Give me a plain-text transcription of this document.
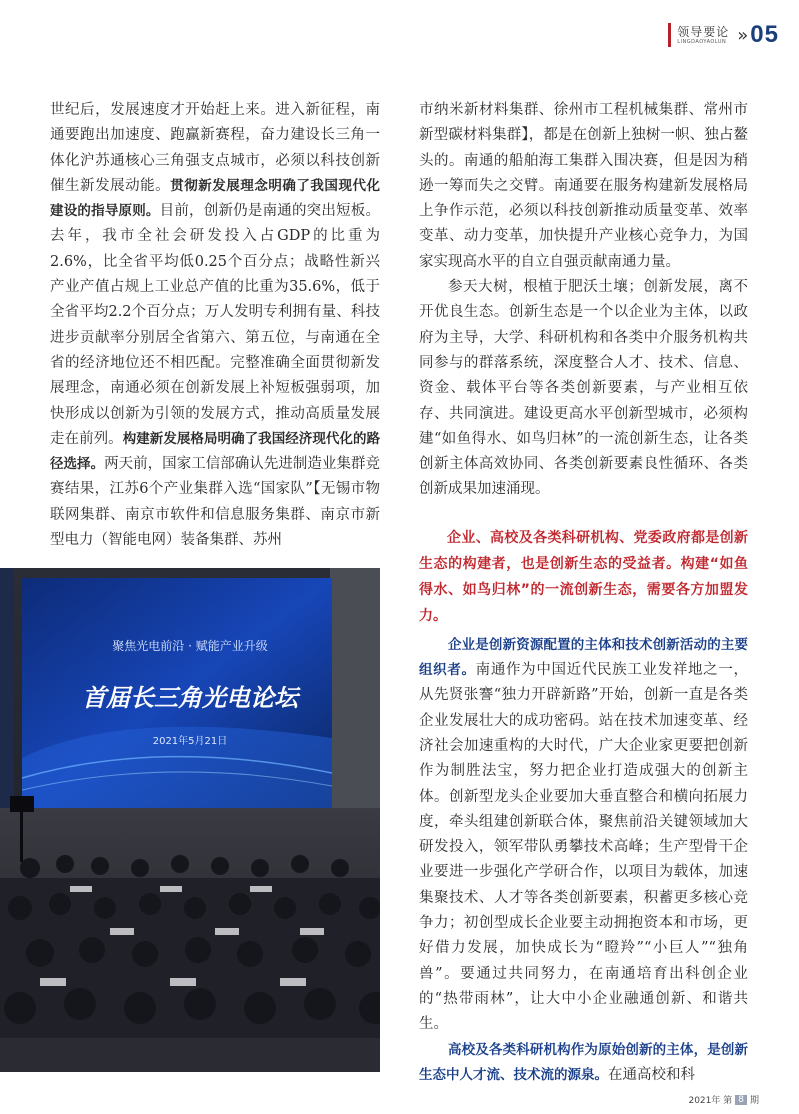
领导要论
LINGDAOYAOLUN » 05

世纪后，发展速度才开始赶上来。进入新征程，南通要跑出加速度、跑赢新赛程，奋力建设长三角一体化沪苏通核心三角强支点城市，必须以科技创新催生新发展动能。贯彻新发展理念明确了我国现代化建设的指导原则。目前，创新仍是南通的突出短板。去年，我市全社会研发投入占GDP的比重为2.6%，比全省平均低0.25个百分点；战略性新兴产业产值占规上工业总产值的比重为35.6%，低于全省平均2.2个百分点；万人发明专利拥有量、科技进步贡献率分别居全省第六、第五位，与南通在全省的经济地位还不相匹配。完整准确全面贯彻新发展理念，南通必须在创新发展上补短板强弱项，加快形成以创新为引领的发展方式，推动高质量发展走在前列。构建新发展格局明确了我国经济现代化的路径选择。两天前，国家工信部确认先进制造业集群竞赛结果，江苏6个产业集群入选“国家队”【无锡市物联网集群、南京市软件和信息服务集群、南京市新型电力（智能电网）装备集群、苏州

聚焦光电前沿 · 赋能产业升级
首届长三角光电论坛
2021年5月21日

市纳米新材料集群、徐州市工程机械集群、常州市新型碳材料集群】，都是在创新上独树一帜、独占鳌头的。南通的船舶海工集群入围决赛，但是因为稍逊一筹而失之交臂。南通要在服务构建新发展格局上争作示范，必须以科技创新推动质量变革、效率变革、动力变革，加快提升产业核心竞争力，为国家实现高水平的自立自强贡献南通力量。

参天大树，根植于肥沃土壤；创新发展，离不开优良生态。创新生态是一个以企业为主体，以政府为主导，大学、科研机构和各类中介服务机构共同参与的群落系统，深度整合人才、技术、信息、资金、载体平台等各类创新要素，与产业相互依存、共同演进。建设更高水平创新型城市，必须构建“如鱼得水、如鸟归林”的一流创新生态，让各类创新主体高效协同、各类创新要素良性循环、各类创新成果加速涌现。

企业、高校及各类科研机构、党委政府都是创新生态的构建者，也是创新生态的受益者。构建“如鱼得水、如鸟归林”的一流创新生态，需要各方加盟发力。

企业是创新资源配置的主体和技术创新活动的主要组织者。南通作为中国近代民族工业发祥地之一，从先贤张謇“独力开辟新路”开始，创新一直是各类企业发展壮大的成功密码。站在技术加速变革、经济社会加速重构的大时代，广大企业家更要把创新作为制胜法宝，努力把企业打造成强大的创新主体。创新型龙头企业要加大垂直整合和横向拓展力度，牵头组建创新联合体，聚焦前沿关键领域加大研发投入，领军带队勇攀技术高峰；生产型骨干企业要进一步强化产学研合作，以项目为载体，加速集聚技术、人才等各类创新要素，积蓄更多核心竞争力；初创型成长企业要主动拥抱资本和市场，更好借力发展，加快成长为“瞪羚”“小巨人”“独角兽”。要通过共同努力，在南通培育出科创企业的“热带雨林”，让大中小企业融通创新、和谐共生。

高校及各类科研机构作为原始创新的主体，是创新生态中人才流、技术流的源泉。在通高校和科

2021年 第 8 期
